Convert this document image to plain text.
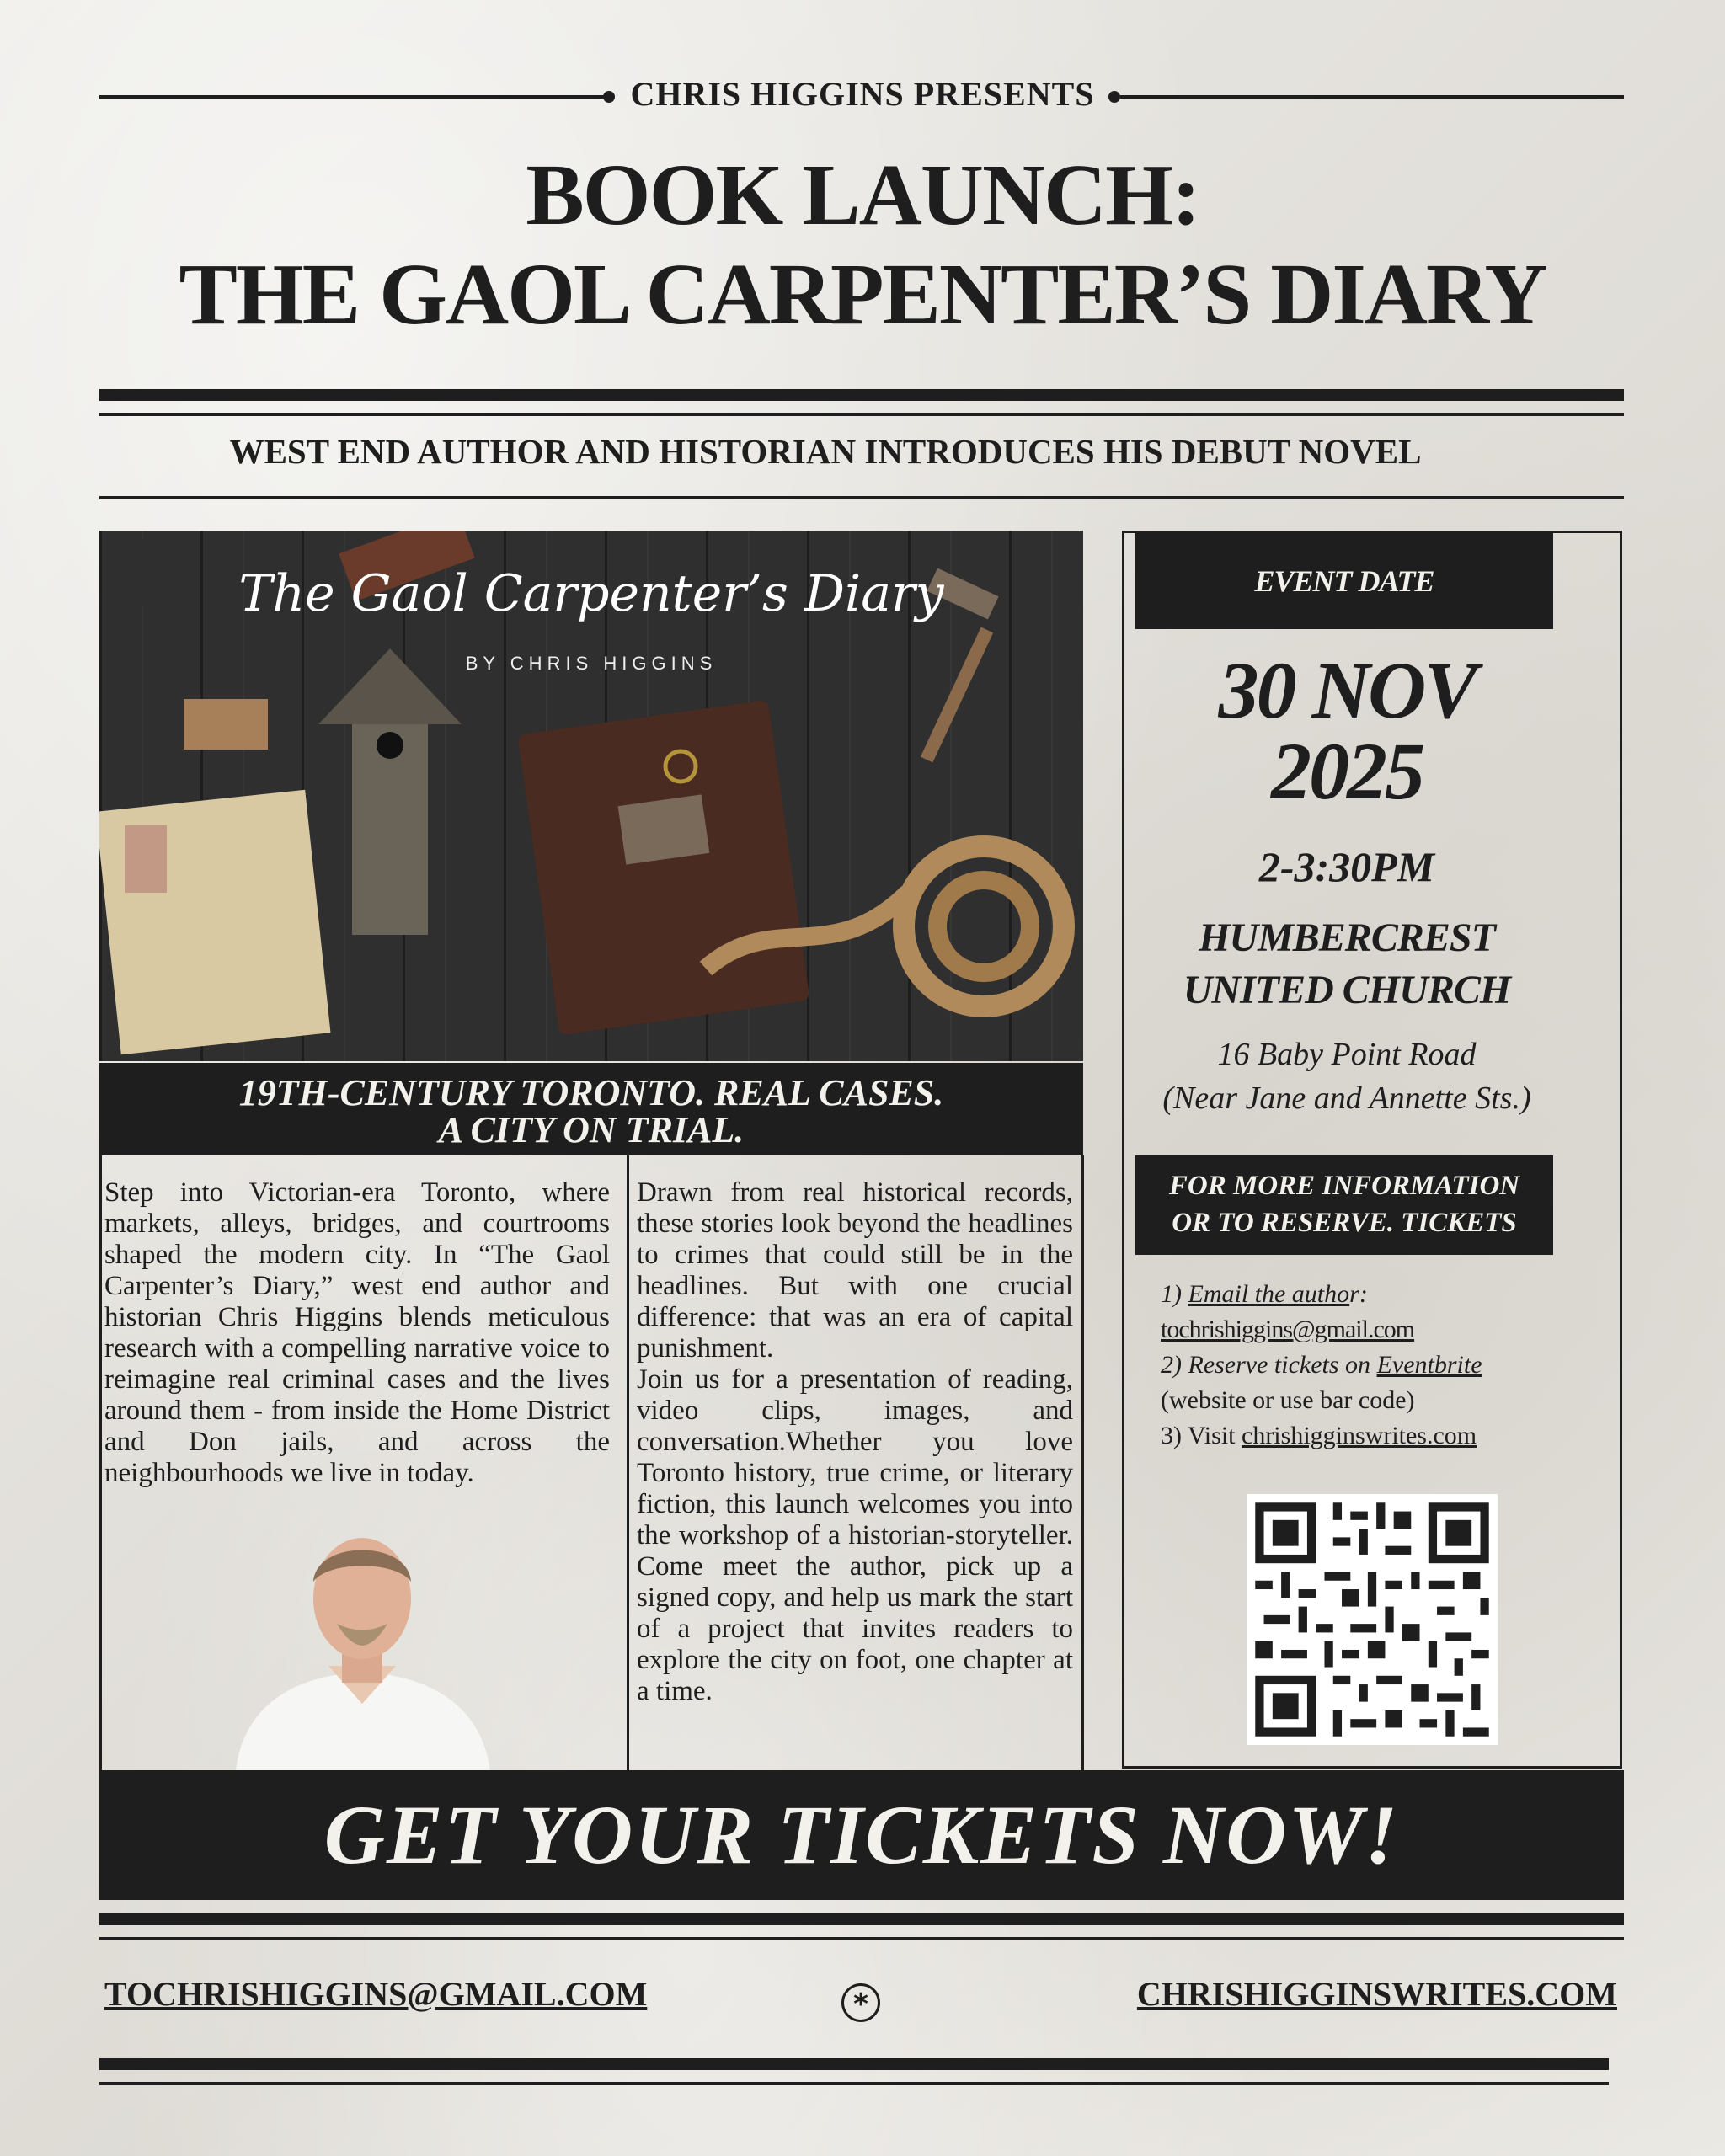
CHRIS HIGGINS PRESENTS
BOOK LAUNCH:
THE GAOL CARPENTER’S DIARY
WEST END AUTHOR AND HISTORIAN INTRODUCES HIS DEBUT NOVEL
The Gaol Carpenter’s Diary
BY CHRIS HIGGINS
19TH-CENTURY TORONTO. REAL CASES.
A CITY ON TRIAL.
Step into Victorian-era Toronto, where markets, alleys, bridges, and courtrooms shaped the modern city. In “The Gaol Carpenter’s Diary,” west end author and historian Chris Higgins blends meticulous research with a compelling narrative voice to reimagine real criminal cases and the lives around them - from inside the Home District and Don jails, and across the neighbourhoods we live in today.
Drawn from real historical records, these stories look beyond the headlines to crimes that could still be in the headlines. But with one crucial difference: that was an era of capital punishment.
Join us for a presentation of reading, video clips, images, and conversation.Whether you love Toronto history, true crime, or literary fiction, this launch welcomes you into the workshop of a historian-storyteller. Come meet the author, pick up a signed copy, and help us mark the start of a project that invites readers to explore the city on foot, one chapter at a time.
EVENT DATE
30 NOV
2025
2-3:30PM
HUMBERCREST
UNITED CHURCH
16 Baby Point Road
(Near Jane and Annette Sts.)
FOR MORE INFORMATION
OR TO RESERVE. TICKETS
1) Email the author:
tochrishiggins@gmail.com
2) Reserve tickets on Eventbrite
(website or use bar code)
3) Visit chrishigginswrites.com
GET YOUR TICKETS NOW!
TOCHRISHIGGINS@GMAIL.COM	*	CHRISHIGGINSWRITES.COM
